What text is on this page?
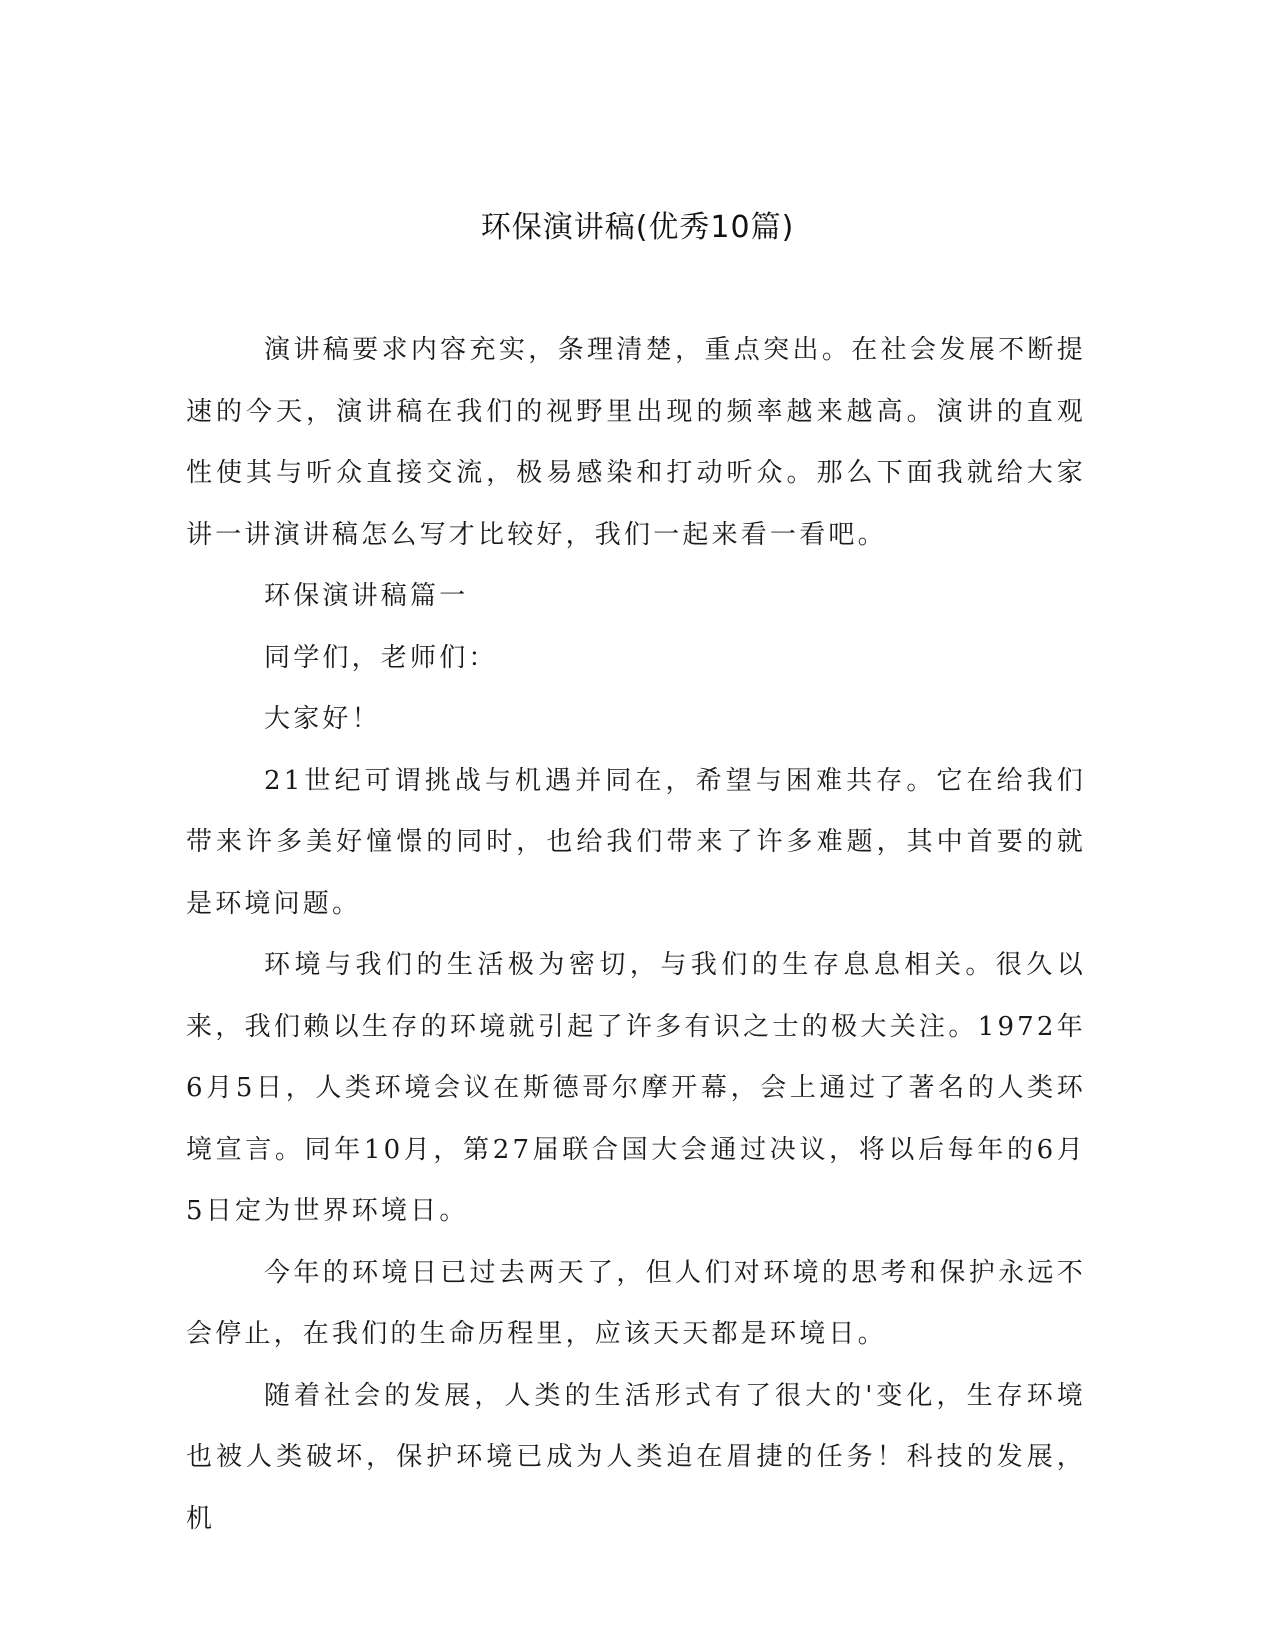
环保演讲稿(优秀10篇)

演讲稿要求内容充实，条理清楚，重点突出。在社会发展不断提速的今天，演讲稿在我们的视野里出现的频率越来越高。演讲的直观性使其与听众直接交流，极易感染和打动听众。那么下面我就给大家讲一讲演讲稿怎么写才比较好，我们一起来看一看吧。

环保演讲稿篇一

同学们，老师们：

大家好！

21世纪可谓挑战与机遇并同在，希望与困难共存。它在给我们带来许多美好憧憬的同时，也给我们带来了许多难题，其中首要的就是环境问题。

环境与我们的生活极为密切，与我们的生存息息相关。很久以来，我们赖以生存的环境就引起了许多有识之士的极大关注。1972年6月5日，人类环境会议在斯德哥尔摩开幕，会上通过了著名的人类环境宣言。同年10月，第27届联合国大会通过决议，将以后每年的6月5日定为世界环境日。

今年的环境日已过去两天了，但人们对环境的思考和保护永远不会停止，在我们的生命历程里，应该天天都是环境日。

随着社会的发展，人类的生活形式有了很大的'变化，生存环境也被人类破坏，保护环境已成为人类迫在眉捷的任务！科技的发展，机
